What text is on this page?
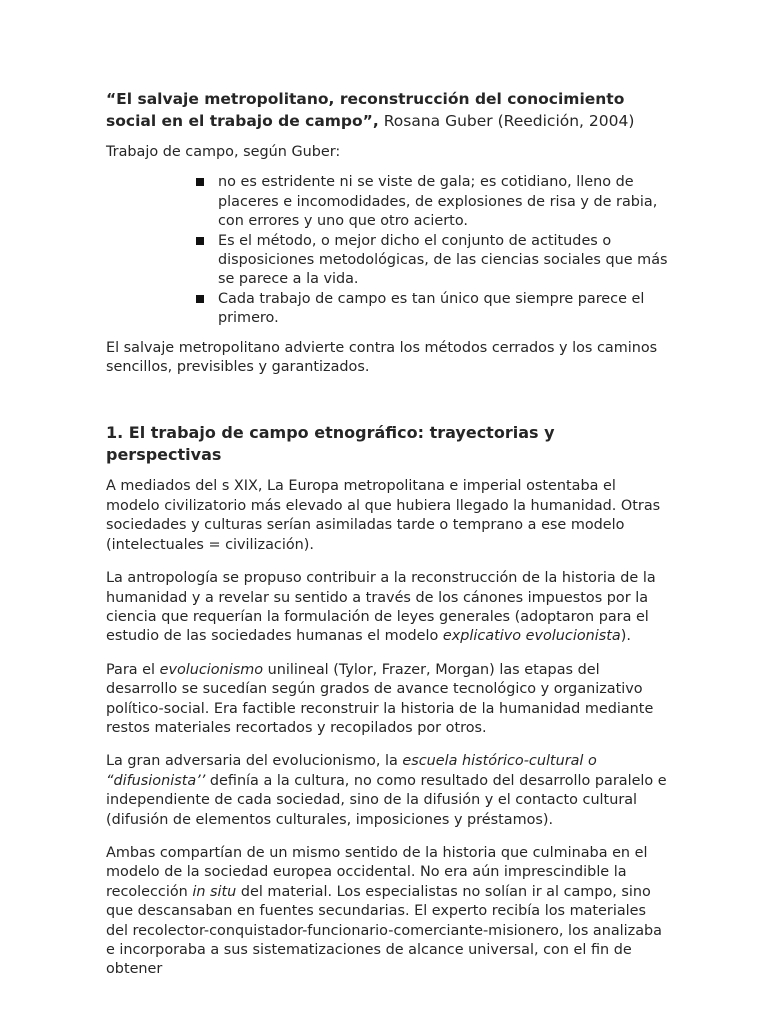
“El salvaje metropolitano, reconstrucción del conocimiento social en el trabajo de campo”, Rosana Guber (Reedición, 2004)

Trabajo de campo, según Guber:

no es estridente ni se viste de gala; es cotidiano, lleno de placeres e incomodidades, de explosiones de risa y de rabia, con errores y uno que otro acierto.
Es el método, o mejor dicho el conjunto de actitudes o disposiciones metodológicas, de las ciencias sociales que más se parece a la vida.
Cada trabajo de campo es tan único que siempre parece el primero.

El salvaje metropolitano advierte contra los métodos cerrados y los caminos sencillos, previsibles y garantizados.

1. El trabajo de campo etnográfico: trayectorias y perspectivas

A mediados del s XIX, La Europa metropolitana e imperial ostentaba el modelo civilizatorio más elevado al que hubiera llegado la humanidad. Otras sociedades y culturas serían asimiladas tarde o temprano a ese modelo (intelectuales = civilización).

La antropología se propuso contribuir a la reconstrucción de la historia de la humanidad y a revelar su sentido a través de los cánones impuestos por la ciencia que requerían la formulación de leyes generales (adoptaron para el estudio de las sociedades humanas el modelo explicativo evolucionista).

Para el evolucionismo unilineal (Tylor, Frazer, Morgan) las etapas del desarrollo se sucedían según grados de avance tecnológico y organizativo político-social. Era factible reconstruir la historia de la humanidad mediante restos materiales recortados y recopilados por otros.

La gran adversaria del evolucionismo, la escuela histórico-cultural o “difusionista’’ definía a la cultura, no como resultado del desarrollo paralelo e independiente de cada sociedad, sino de la difusión y el contacto cultural (difusión de elementos culturales, imposiciones y préstamos).

Ambas compartían de un mismo sentido de la historia que culminaba en el modelo de la sociedad europea occidental. No era aún imprescindible la recolección in situ del material. Los especialistas no solían ir al campo, sino que descansaban en fuentes secundarias. El experto recibía los materiales del recolector-conquistador-funcionario-comerciante-misionero, los analizaba e incorporaba a sus sistematizaciones de alcance universal, con el fin de obtener
